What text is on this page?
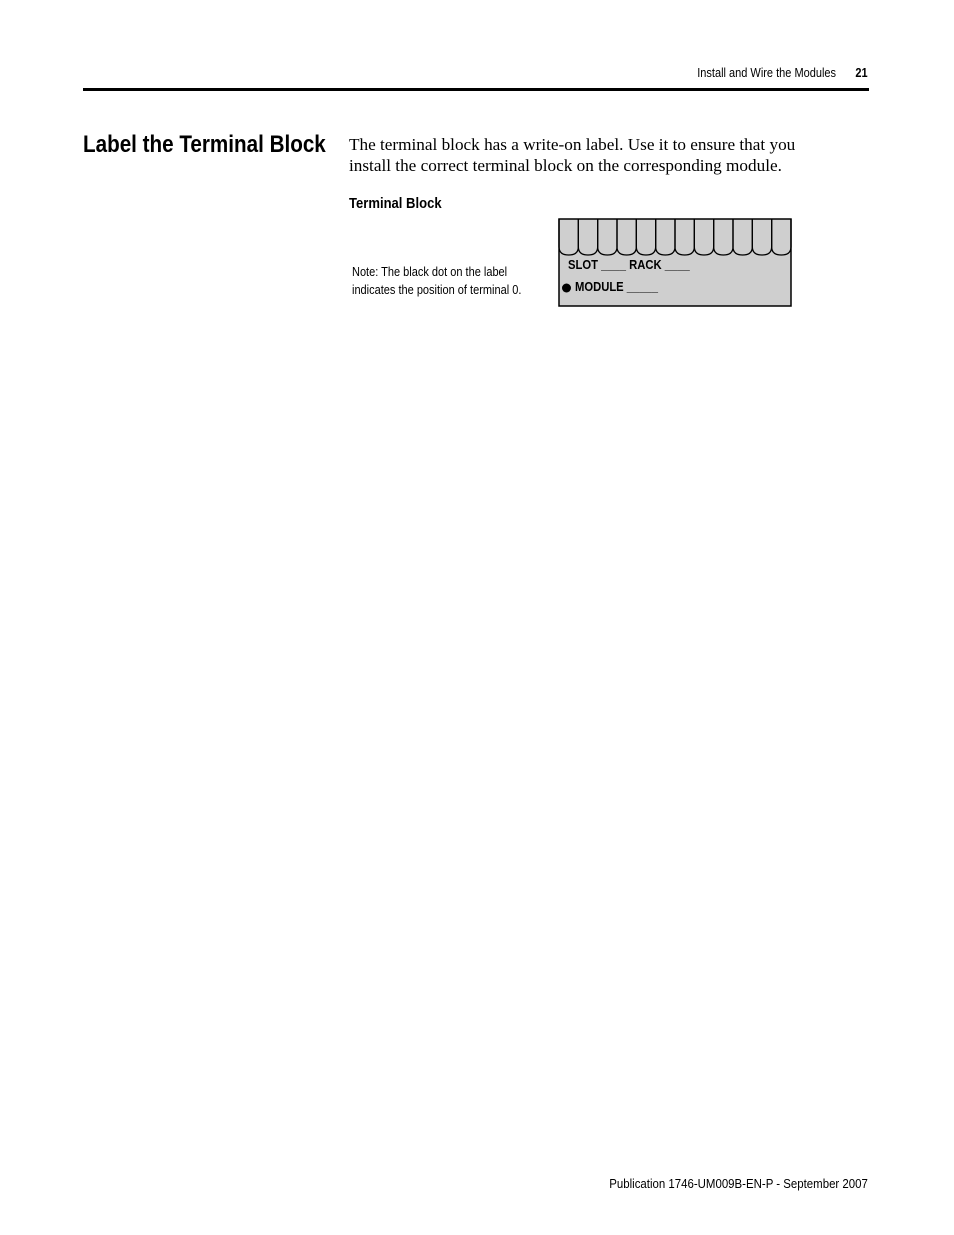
Install and Wire the Modules 21
Label the Terminal Block The terminal block has a write-on label. Use it to ensure that you
install the correct terminal block on the corresponding module.

Terminal Block
Note: The black dot on the label
indicates the position of terminal 0.
SLOT ____ RACK ____
MODULE _____
Publication 1746-UM009B-EN-P - September 2007
